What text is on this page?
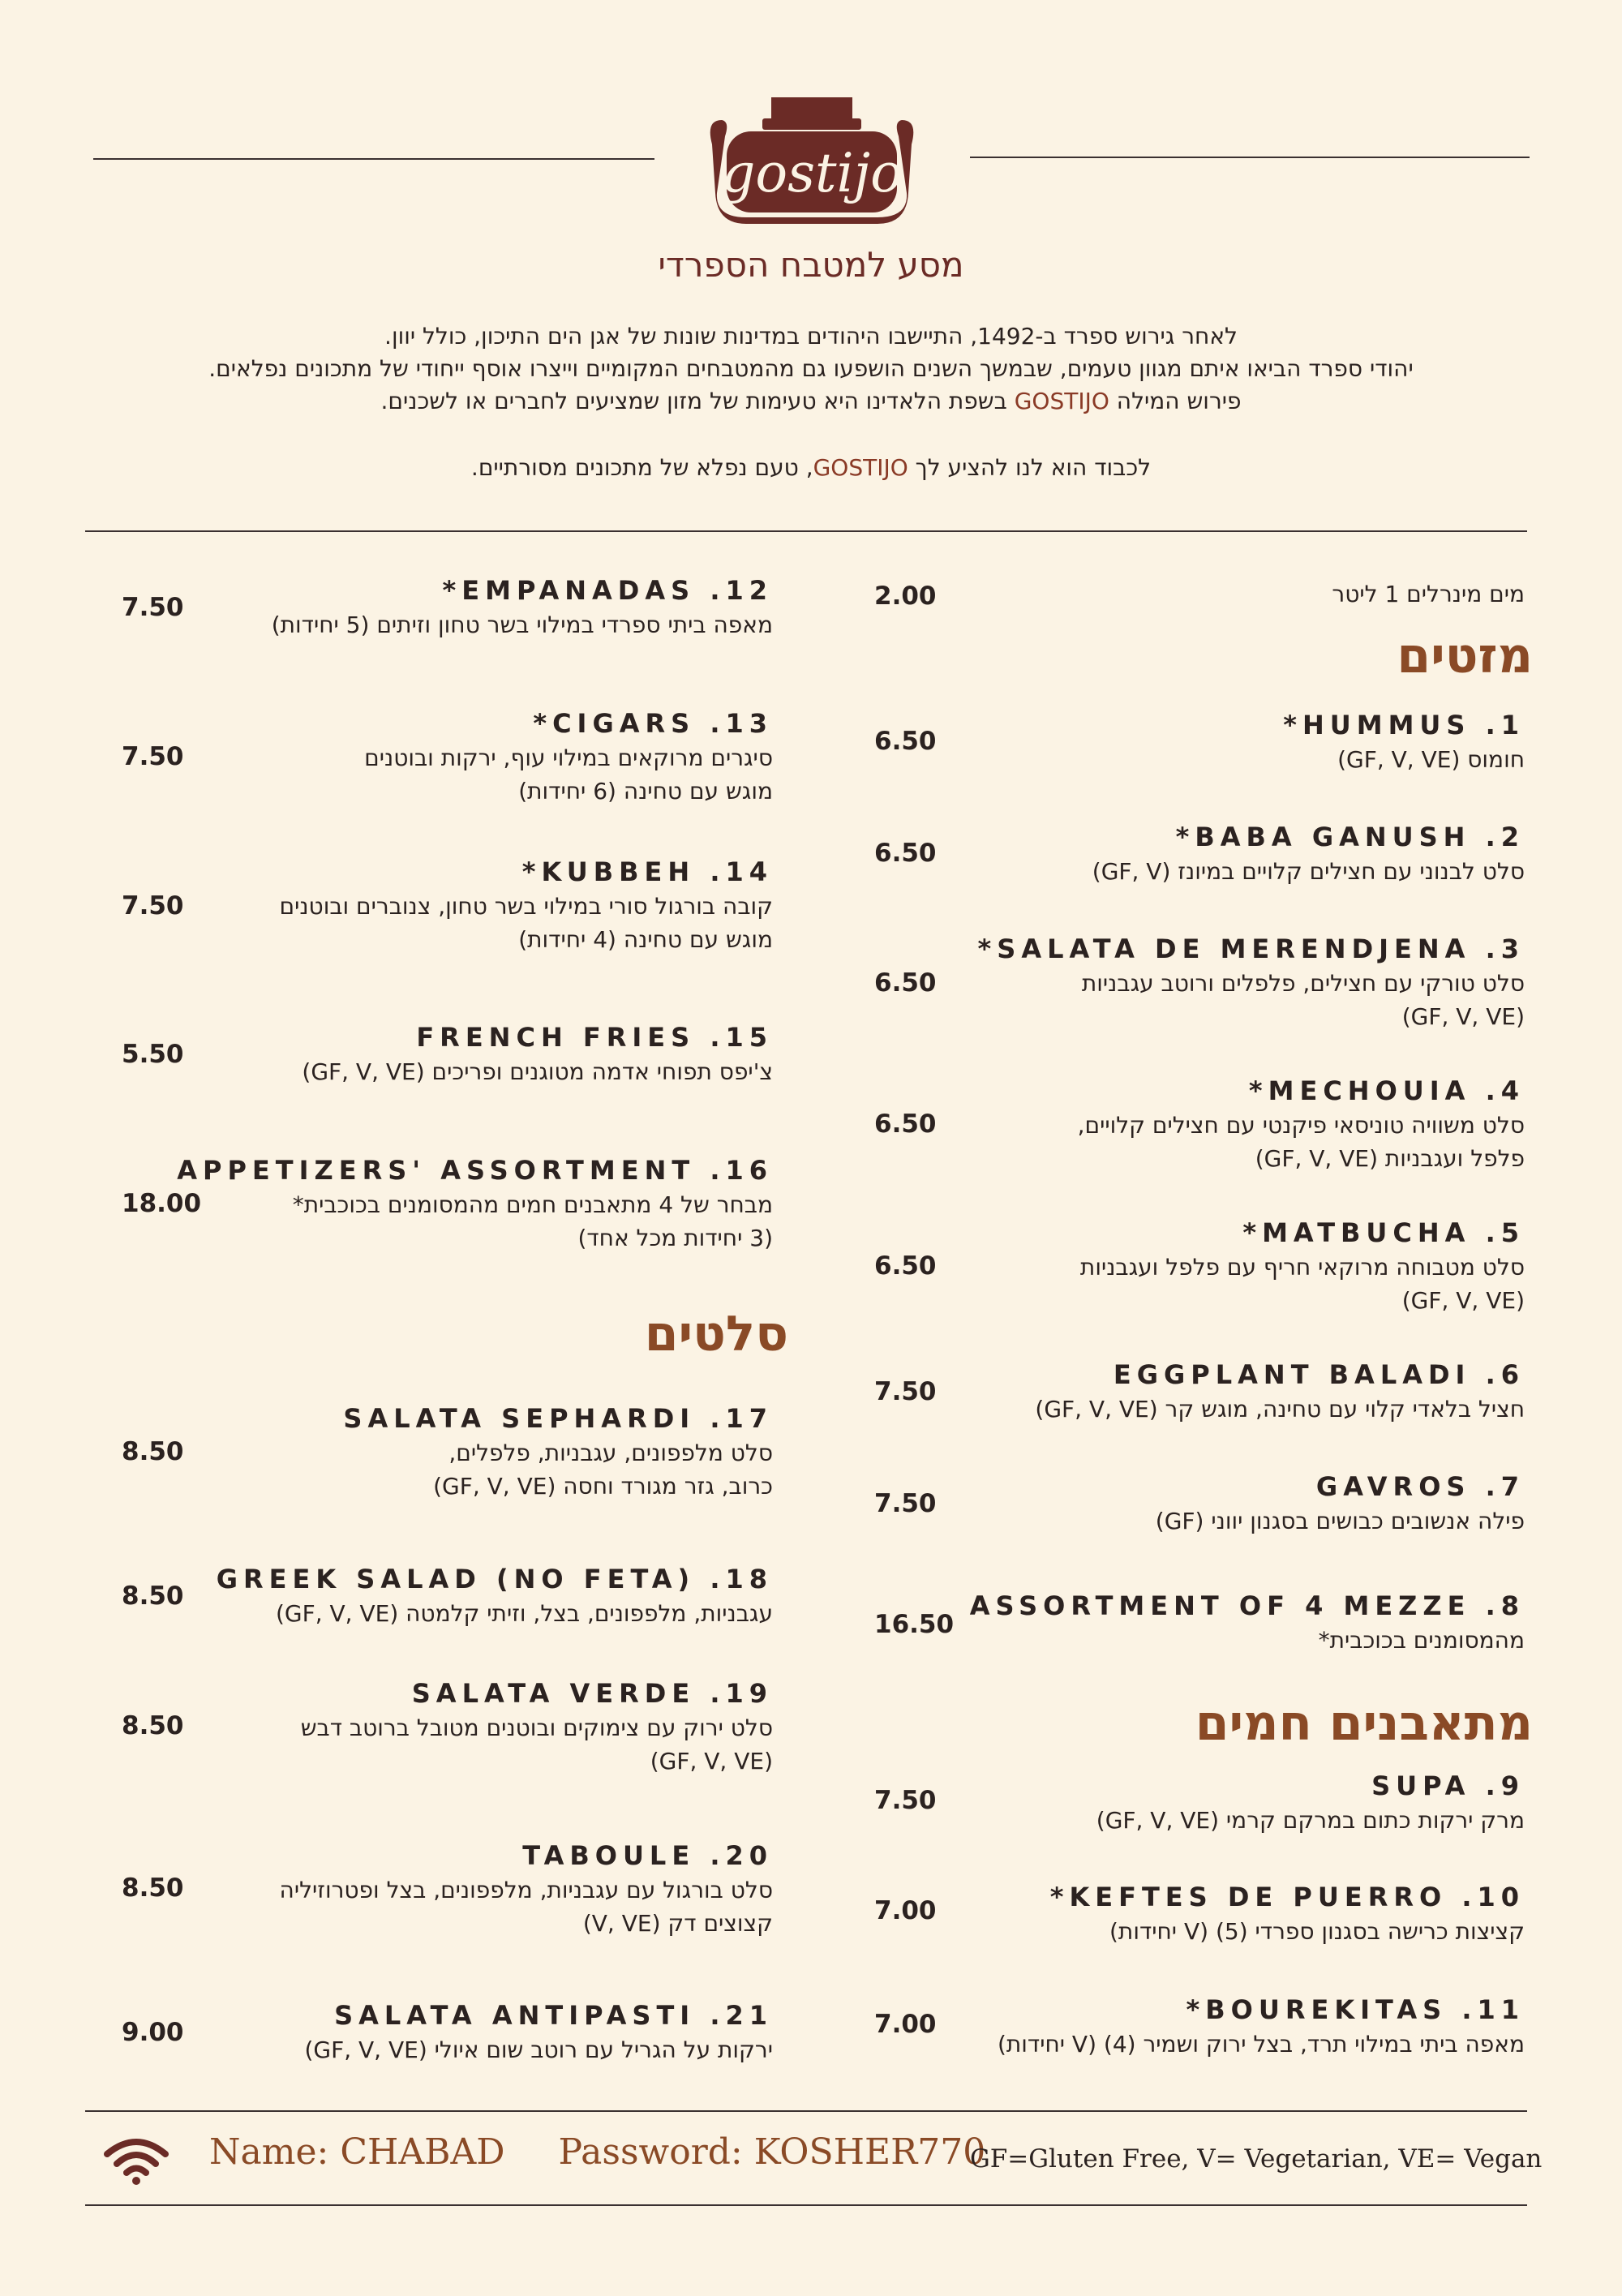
gostijo
מסע למטבח הספרדי
לאחר גירוש ספרד ב-1492, התיישבו היהודים במדינות שונות של אגן הים התיכון, כולל יוון.
יהודי ספרד הביאו איתם מגוון טעמים, שבמשך השנים הושפעו גם מהמטבחים המקומיים וייצרו אוסף ייחודי של מתכונים נפלאים.
פירוש המילה GOSTIJO בשפת הלאדינו היא טעימות של מזון שמציעים לחברים או לשכנים.
לכבוד הוא לנו להציע לך GOSTIJO, טעם נפלא של מתכונים מסורתיים.
מים מינרלים 1 ליטר
2.00
מזטים
1. HUMMUS*
חומוס (GF, V, VE)
6.50
2. BABA GANUSH*
סלט לבנוני עם חצילים קלויים במיונז (GF, V)
6.50
3. SALATA DE MERENDJENA*
סלט טורקי עם חצילים, פלפלים ורוטב עגבניות
(GF, V, VE)
6.50
4. MECHOUIA*
סלט משוויה טוניסאי פיקנטי עם חצילים קלויים,
פלפל ועגבניות (GF, V, VE)
6.50
5. MATBUCHA*
סלט מטבוחה מרוקאי חריף עם פלפל ועגבניות
(GF, V, VE)
6.50
6. EGGPLANT BALADI
חציל בלאדי קלוי עם טחינה, מוגש קר (GF, V, VE)
7.50
7. GAVROS
פילה אנשובים כבושים בסגנון יווני (GF)
7.50
8. ASSORTMENT OF 4 MEZZE
מהמסומנים בכוכבית*
16.50
מתאבנים חמים
9. SUPA
מרק ירקות כתום במרקם קרמי (GF, V, VE)
7.50
10. KEFTES DE PUERRO*
קציצות כרישה בסגנון ספרדי (5) (V יחידות)
7.00
11. BOUREKITAS*
מאפה ביתי במילוי תרד, בצל ירוק ושמיר (4) (V יחידות)
7.00
12. EMPANADAS*
מאפה ביתי ספרדי במילוי בשר טחון וזיתים (5 יחידות)
7.50
13. CIGARS*
סיגרים מרוקאים במילוי עוף, ירקות ובוטנים
מוגש עם טחינה (6 יחידות)
7.50
14. KUBBEH*
קובה בורגול סורי במילוי בשר טחון, צנוברים ובוטנים
מוגש עם טחינה (4 יחידות)
7.50
15. FRENCH FRIES
צ'יפס תפוחי אדמה מטוגנים ופריכים (GF, V, VE)
5.50
16. APPETIZERS' ASSORTMENT
מבחר של 4 מתאבנים חמים מהמסומנים בכוכבית*
(3 יחידות מכל אחד)
18.00
סלטים
17. SALATA SEPHARDI
סלט מלפפונים, עגבניות, פלפלים,
כרוב, גזר מגורד וחסה (GF, V, VE)
8.50
18. GREEK SALAD (NO FETA)
עגבניות, מלפפונים, בצל, וזיתי קלמטה (GF, V, VE)
8.50
19. SALATA VERDE
סלט ירוק עם צימוקים ובוטנים מטובל ברוטב דבש
(GF, V, VE)
8.50
20. TABOULE
סלט בורגול עם עגבניות, מלפפונים, בצל ופטרוזיליה
קצוצים דק (V, VE)
8.50
21. SALATA ANTIPASTI
ירקות על הגריל עם רוטב שום איולי (GF, V, VE)
9.00
Name: CHABAD Password: KOSHER770
GF=Gluten Free, V= Vegetarian, VE= Vegan
